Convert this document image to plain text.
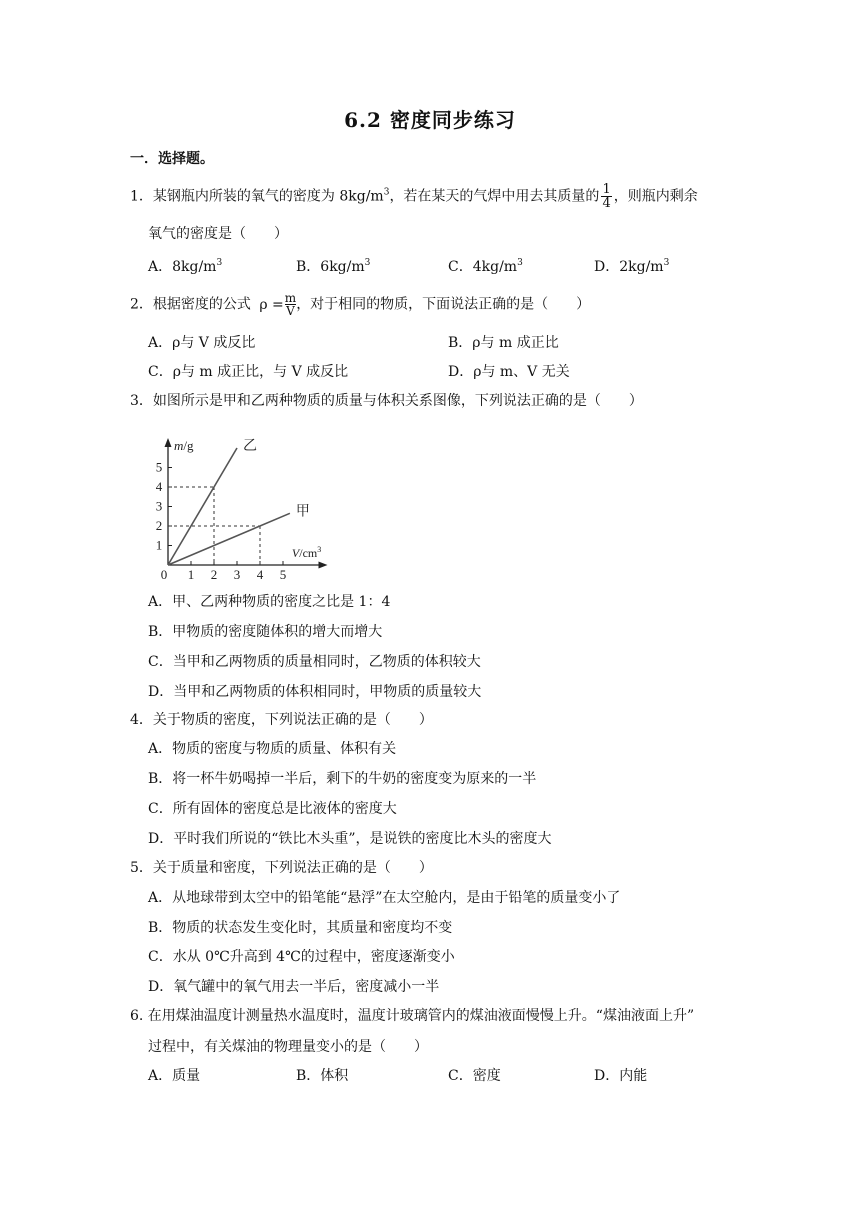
6.2 密度同步练习
一．选择题。
1．某钢瓶内所装的氧气的密度为 $8kg/m^3$，若在某天的气焊中用去其质量的 $\frac{1}{4}$ ，则瓶内剩余
氧气的密度是（　　）
A．$8kg/m^3$	B．$6kg/m^3$	C．$4kg/m^3$	D．$2kg/m^3$
2．根据密度的公式 $\rho = \frac{m}{V}$，对于相同的物质，下面说法正确的是（　　）
A．ρ与 V 成反比	B．ρ与 m 成正比
C．ρ与 m 成正比，与 V 成反比	D．ρ与 m、V 无关
3．如图所示是甲和乙两种物质的质量与体积关系图像，下列说法正确的是（　　）
0 1 2 3 4 5
1
2
3
4
5
乙
甲
m/g
$V/cm^3$
A．甲、乙两种物质的密度之比是 1：4
B．甲物质的密度随体积的增大而增大
C．当甲和乙两物质的质量相同时，乙物质的体积较大
D．当甲和乙两物质的体积相同时，甲物质的质量较大
4．关于物质的密度，下列说法正确的是（　　）
A．物质的密度与物质的质量、体积有关
B．将一杯牛奶喝掉一半后，剩下的牛奶的密度变为原来的一半
C．所有固体的密度总是比液体的密度大
D．平时我们所说的“铁比木头重”，是说铁的密度比木头的密度大
5．关于质量和密度，下列说法正确的是（　　）
A．从地球带到太空中的铅笔能“悬浮”在太空舱内，是由于铅笔的质量变小了
B．物质的状态发生变化时，其质量和密度均不变
C．水从 0℃升高到 4℃的过程中，密度逐渐变小
D．氧气罐中的氧气用去一半后，密度减小一半
6. 在用煤油温度计测量热水温度时，温度计玻璃管内的煤油液面慢慢上升。“煤油液面上升”
过程中，有关煤油的物理量变小的是（　　）
A．质量	B．体积	C．密度	D．内能
